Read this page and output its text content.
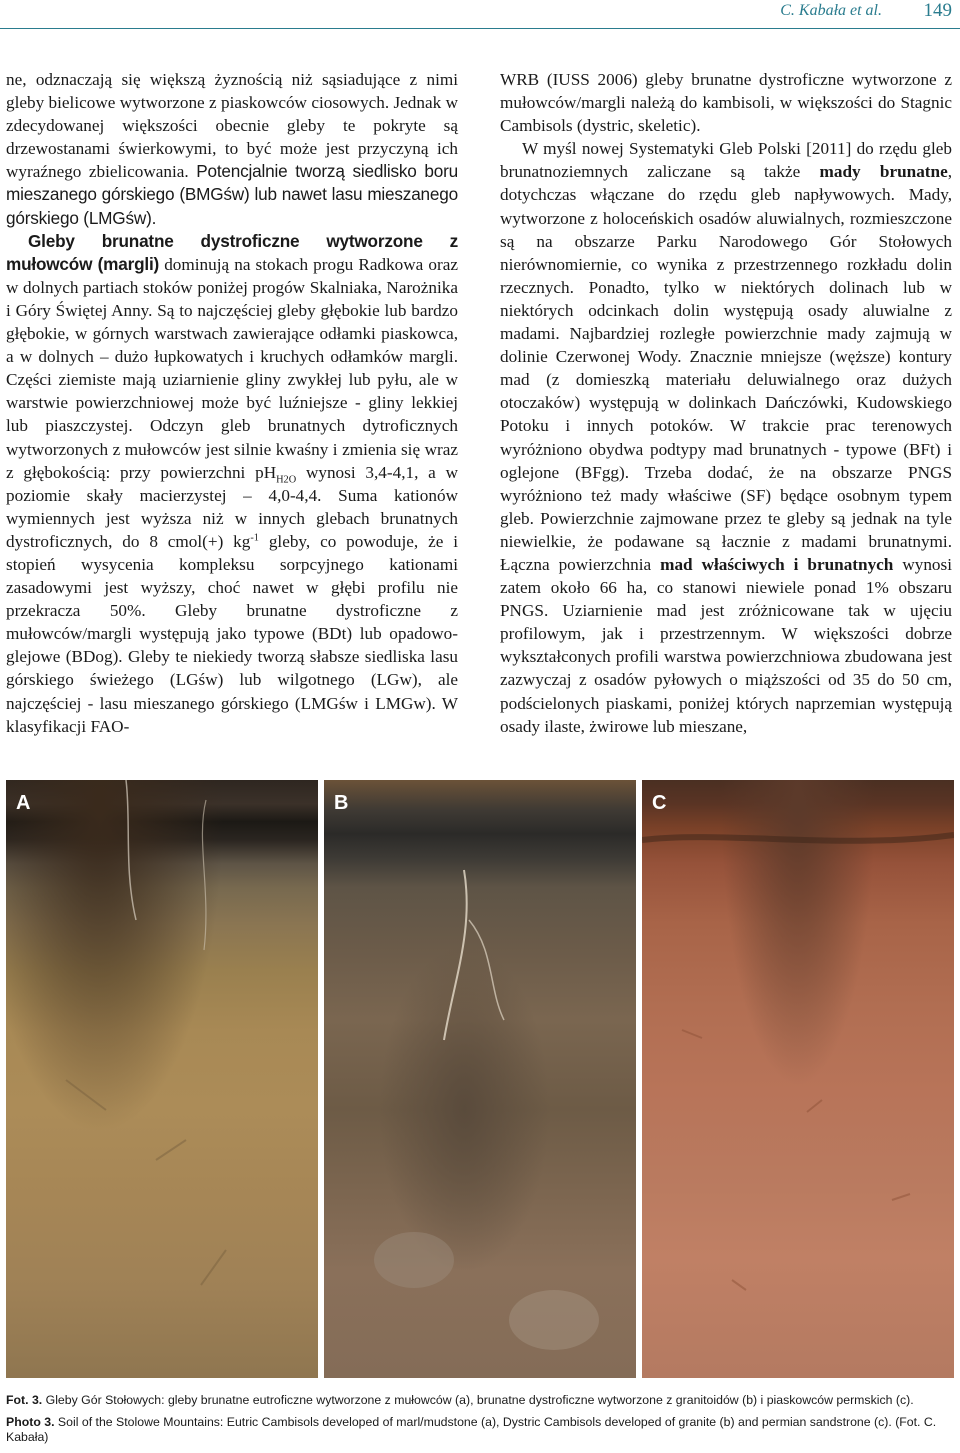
C. Kabała et al. 149

ne, odznaczają się większą żyznością niż sąsiadujące z nimi gleby bielicowe wytworzone z piaskowców ciosowych. Jednak w zdecydowanej większości obecnie gleby te pokryte są drzewostanami świerkowymi, to być może jest przyczyną ich wyraźnego zbielicowania. Potencjalnie tworzą siedlisko boru mieszanego górskiego (BMGśw) lub nawet lasu mieszanego górskiego (LMGśw).

Gleby brunatne dystroficzne wytworzone z mułowców (margli) dominują na stokach progu Radkowa oraz w dolnych partiach stoków poniżej progów Skalniaka, Narożnika i Góry Świętej Anny. Są to najczęściej gleby głębokie lub bardzo głębokie, w górnych warstwach zawierające odłamki piaskowca, a w dolnych – dużo łupkowatych i kruchych odłamków margli. Części ziemiste mają uziarnienie gliny zwykłej lub pyłu, ale w warstwie powierzchniowej może być luźniejsze - gliny lekkiej lub piaszczystej. Odczyn gleb brunatnych dytroficznych wytworzonych z mułowców jest silnie kwaśny i zmienia się wraz z głębokością: przy powierzchni $pH_{H2O}$ wynosi 3,4-4,1, a w poziomie skały macierzystej – 4,0-4,4. Suma kationów wymiennych jest wyższa niż w innych glebach brunatnych dystroficznych, do 8 cmol(+) $kg^{-1}$ gleby, co powoduje, że i stopień wysycenia kompleksu sorpcyjnego kationami zasadowymi jest wyższy, choć nawet w głębi profilu nie przekracza 50%. Gleby brunatne dystroficzne z mułowców/margli występują jako typowe (BDt) lub opadowo-glejowe (BDog). Gleby te niekiedy tworzą słabsze siedliska lasu górskiego świeżego (LGśw) lub wilgotnego (LGw), ale najczęściej - lasu mieszanego górskiego (LMGśw i LMGw). W klasyfikacji FAO-

WRB (IUSS 2006) gleby brunatne dystroficzne wytworzone z mułowców/margli należą do kambisoli, w większości do Stagnic Cambisols (dystric, skeletic).

W myśl nowej Systematyki Gleb Polski [2011] do rzędu gleb brunatnoziemnych zaliczane są także mady brunatne, dotychczas włączane do rzędu gleb napływowych. Mady, wytworzone z holoceńskich osadów aluwialnych, rozmieszczone są na obszarze Parku Narodowego Gór Stołowych nierównomiernie, co wynika z przestrzennego rozkładu dolin rzecznych. Ponadto, tylko w niektórych dolinach lub w niektórych odcinkach dolin występują osady aluwialne z madami. Najbardziej rozległe powierzchnie mady zajmują w dolinie Czerwonej Wody. Znacznie mniejsze (węższe) kontury mad (z domieszką materiału deluwialnego oraz dużych otoczaków) występują w dolinkach Dańczówki, Kudowskiego Potoku i innych potoków. W trakcie prac terenowych wyróżniono obydwa podtypy mad brunatnych - typowe (BFt) i oglejone (BFgg). Trzeba dodać, że na obszarze PNGS wyróżniono też mady właściwe (SF) będące osobnym typem gleb. Powierzchnie zajmowane przez te gleby są jednak na tyle niewielkie, że podawane są łacznie z madami brunatnymi. Łączna powierzchnia mad właściwych i brunatnych wynosi zatem około 66 ha, co stanowi niewiele ponad 1% obszaru PNGS. Uziarnienie mad jest zróżnicowane tak w ujęciu profilowym, jak i przestrzennym. W większości dobrze wykształconych profili warstwa powierzchniowa zbudowana jest zazwyczaj z osadów pyłowych o miąższości od 35 do 50 cm, podścielonych piaskami, poniżej których naprzemian występują osady ilaste, żwirowe lub mieszane,

A	B	C
Fot. 3. Gleby Gór Stołowych: gleby brunatne eutroficzne wytworzone z mułowców (a), brunatne dystroficzne wytworzone z granitoidów (b) i piaskowców permskich (c).
Photo 3. Soil of the Stolowe Mountains: Eutric Cambisols developed of marl/mudstone (a), Dystric Cambisols developed of granite (b) and permian sandstrone (c). (Fot. C. Kabała)
